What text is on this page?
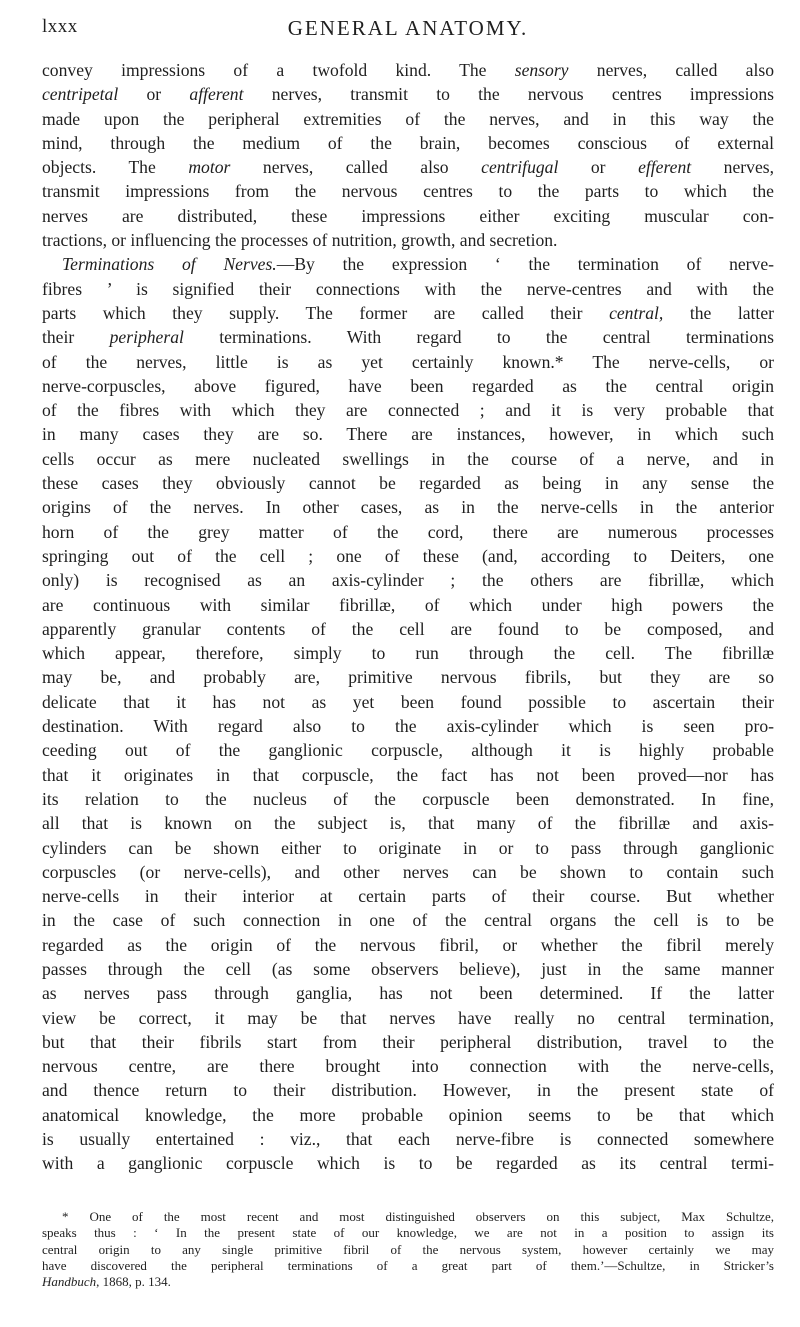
lxxx	GENERAL ANATOMY.
convey impressions of a twofold kind. The sensory nerves, called also
centripetal or afferent nerves, transmit to the nervous centres impressions
made upon the peripheral extremities of the nerves, and in this way the
mind, through the medium of the brain, becomes conscious of external
objects. The motor nerves, called also centrifugal or efferent nerves,
transmit impressions from the nervous centres to the parts to which the
nerves are distributed, these impressions either exciting muscular con-
tractions, or influencing the processes of nutrition, growth, and secretion.
Terminations of Nerves.—By the expression ‘ the termination of nerve-
fibres ’ is signified their connections with the nerve-centres and with the
parts which they supply. The former are called their central, the latter
their peripheral terminations. With regard to the central terminations
of the nerves, little is as yet certainly known.* The nerve-cells, or
nerve-corpuscles, above figured, have been regarded as the central origin
of the fibres with which they are connected ; and it is very probable that
in many cases they are so. There are instances, however, in which such
cells occur as mere nucleated swellings in the course of a nerve, and in
these cases they obviously cannot be regarded as being in any sense the
origins of the nerves. In other cases, as in the nerve-cells in the anterior
horn of the grey matter of the cord, there are numerous processes
springing out of the cell ; one of these (and, according to Deiters, one
only) is recognised as an axis-cylinder ; the others are fibrillæ, which
are continuous with similar fibrillæ, of which under high powers the
apparently granular contents of the cell are found to be composed, and
which appear, therefore, simply to run through the cell. The fibrillæ
may be, and probably are, primitive nervous fibrils, but they are so
delicate that it has not as yet been found possible to ascertain their
destination. With regard also to the axis-cylinder which is seen pro-
ceeding out of the ganglionic corpuscle, although it is highly probable
that it originates in that corpuscle, the fact has not been proved—nor has
its relation to the nucleus of the corpuscle been demonstrated. In fine,
all that is known on the subject is, that many of the fibrillæ and axis-
cylinders can be shown either to originate in or to pass through ganglionic
corpuscles (or nerve-cells), and other nerves can be shown to contain such
nerve-cells in their interior at certain parts of their course. But whether
in the case of such connection in one of the central organs the cell is to be
regarded as the origin of the nervous fibril, or whether the fibril merely
passes through the cell (as some observers believe), just in the same manner
as nerves pass through ganglia, has not been determined. If the latter
view be correct, it may be that nerves have really no central termination,
but that their fibrils start from their peripheral distribution, travel to the
nervous centre, are there brought into connection with the nerve-cells,
and thence return to their distribution. However, in the present state of
anatomical knowledge, the more probable opinion seems to be that which
is usually entertained : viz., that each nerve-fibre is connected somewhere
with a ganglionic corpuscle which is to be regarded as its central termi-
* One of the most recent and most distinguished observers on this subject, Max Schultze,
speaks thus : ‘ In the present state of our knowledge, we are not in a position to assign its
central origin to any single primitive fibril of the nervous system, however certainly we may
have discovered the peripheral terminations of a great part of them.’—Schultze, in Stricker’s
Handbuch, 1868, p. 134.
